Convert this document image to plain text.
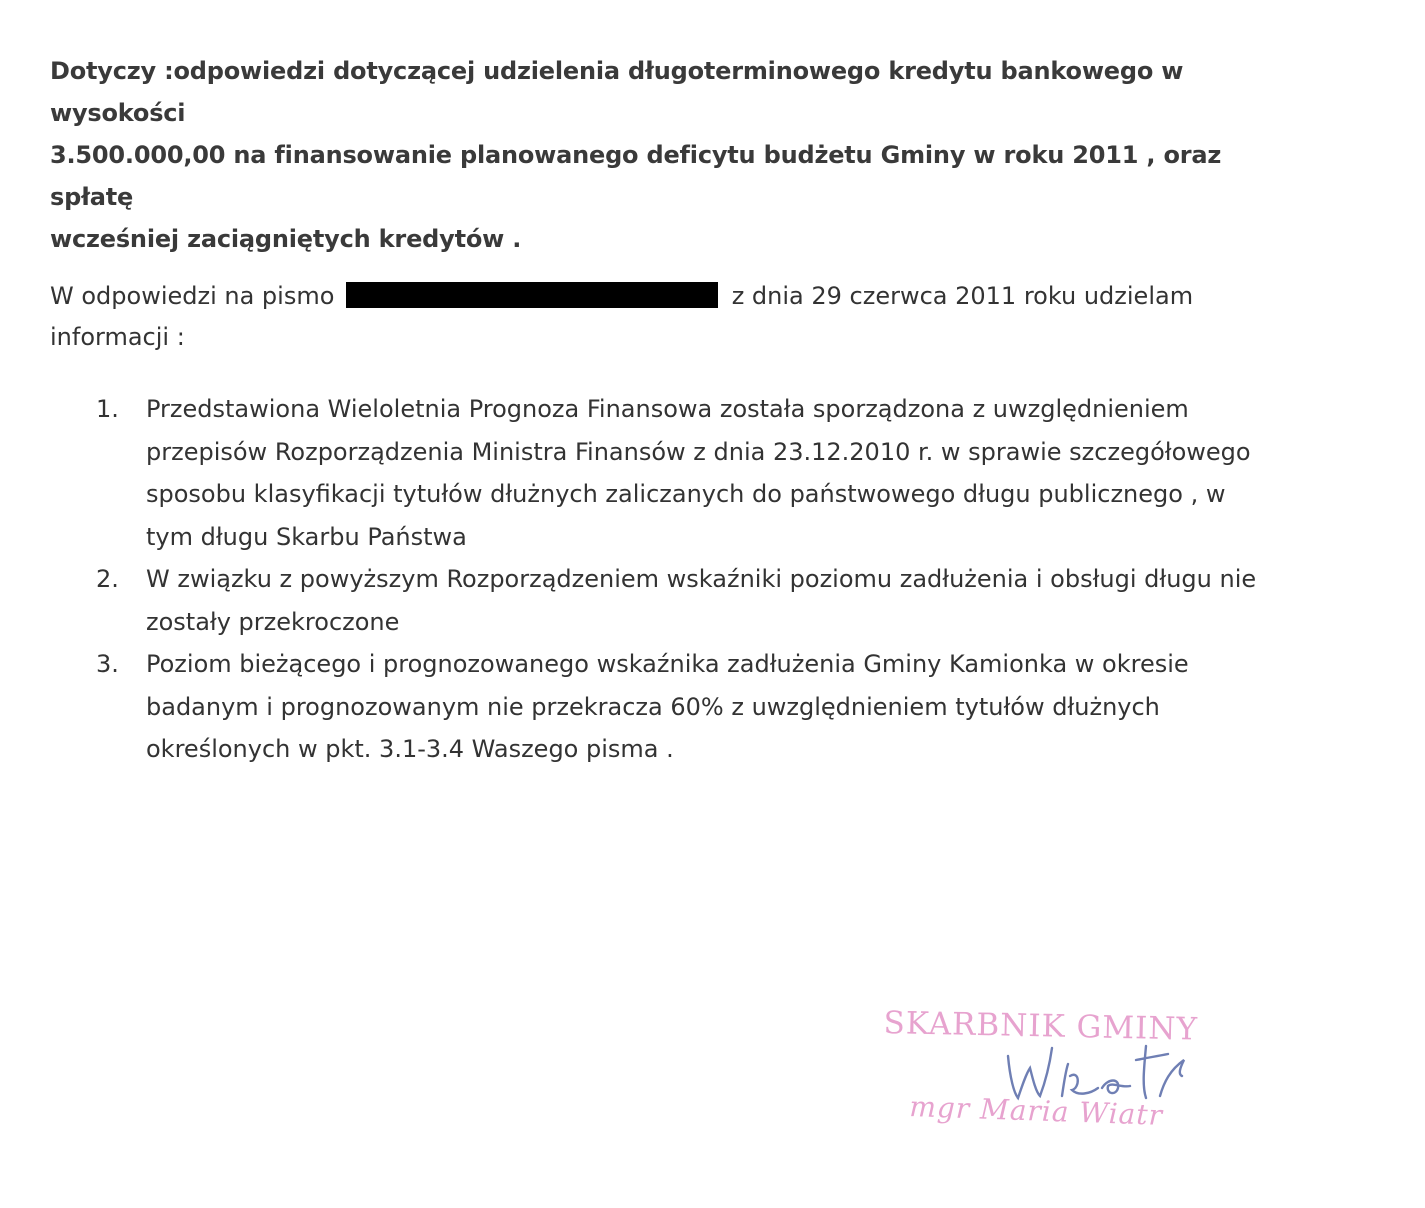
Dotyczy :odpowiedzi dotyczącej udzielenia długoterminowego kredytu bankowego w wysokości
3.500.000,00 na finansowanie planowanego deficytu budżetu Gminy w roku 2011 , oraz spłatę
wcześniej zaciągniętych kredytów .
W odpowiedzi na pismo	z dnia 29 czerwca 2011 roku udzielam
informacji :
1. Przedstawiona Wieloletnia Prognoza Finansowa została sporządzona z uwzględnieniem
przepisów Rozporządzenia Ministra Finansów z dnia 23.12.2010 r. w sprawie szczegółowego
sposobu klasyfikacji tytułów dłużnych zaliczanych do państwowego długu publicznego , w
tym długu Skarbu Państwa
2. W związku z powyższym Rozporządzeniem wskaźniki poziomu zadłużenia i obsługi długu nie
zostały przekroczone
3. Poziom bieżącego i prognozowanego wskaźnika zadłużenia Gminy Kamionka w okresie
badanym i prognozowanym nie przekracza 60% z uwzględnieniem tytułów dłużnych
określonych w pkt. 3.1-3.4 Waszego pisma .
SKARBNIK GMINY
mgr Maria Wiatr
